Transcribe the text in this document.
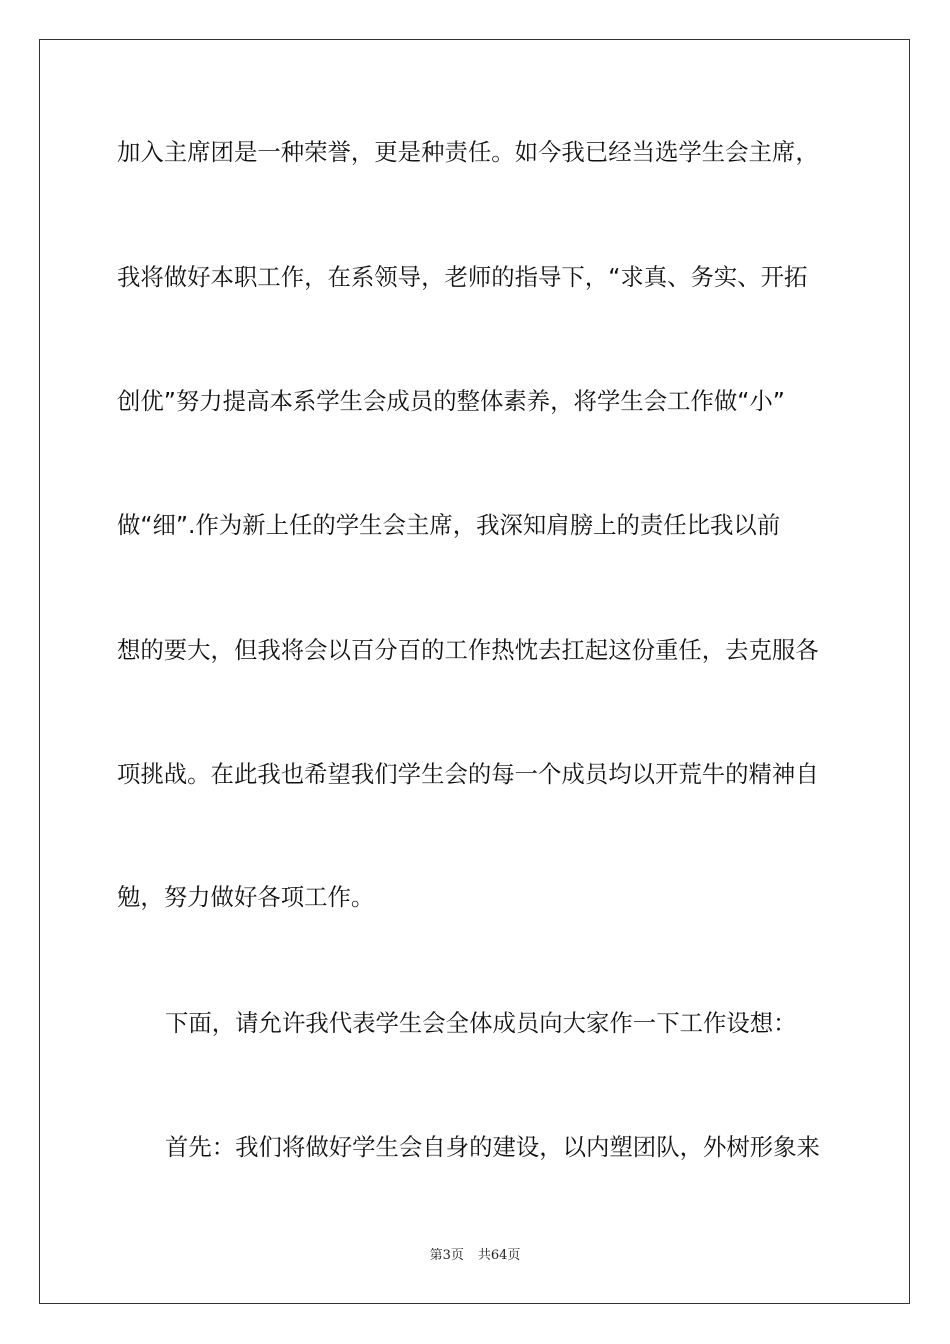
加入主席团是一种荣誉，更是种责任。如今我已经当选学生会主席，
我将做好本职工作，在系领导，老师的指导下，“求真、务实、开拓
创优”努力提高本系学生会成员的整体素养，将学生会工作做“小”
做“细”.作为新上任的学生会主席，我深知肩膀上的责任比我以前
想的要大，但我将会以百分百的工作热忱去扛起这份重任，去克服各
项挑战。在此我也希望我们学生会的每一个成员均以开荒牛的精神自
勉，努力做好各项工作。
下面，请允许我代表学生会全体成员向大家作一下工作设想：
首先：我们将做好学生会自身的建设，以内塑团队，外树形象来
第3页 共64页
